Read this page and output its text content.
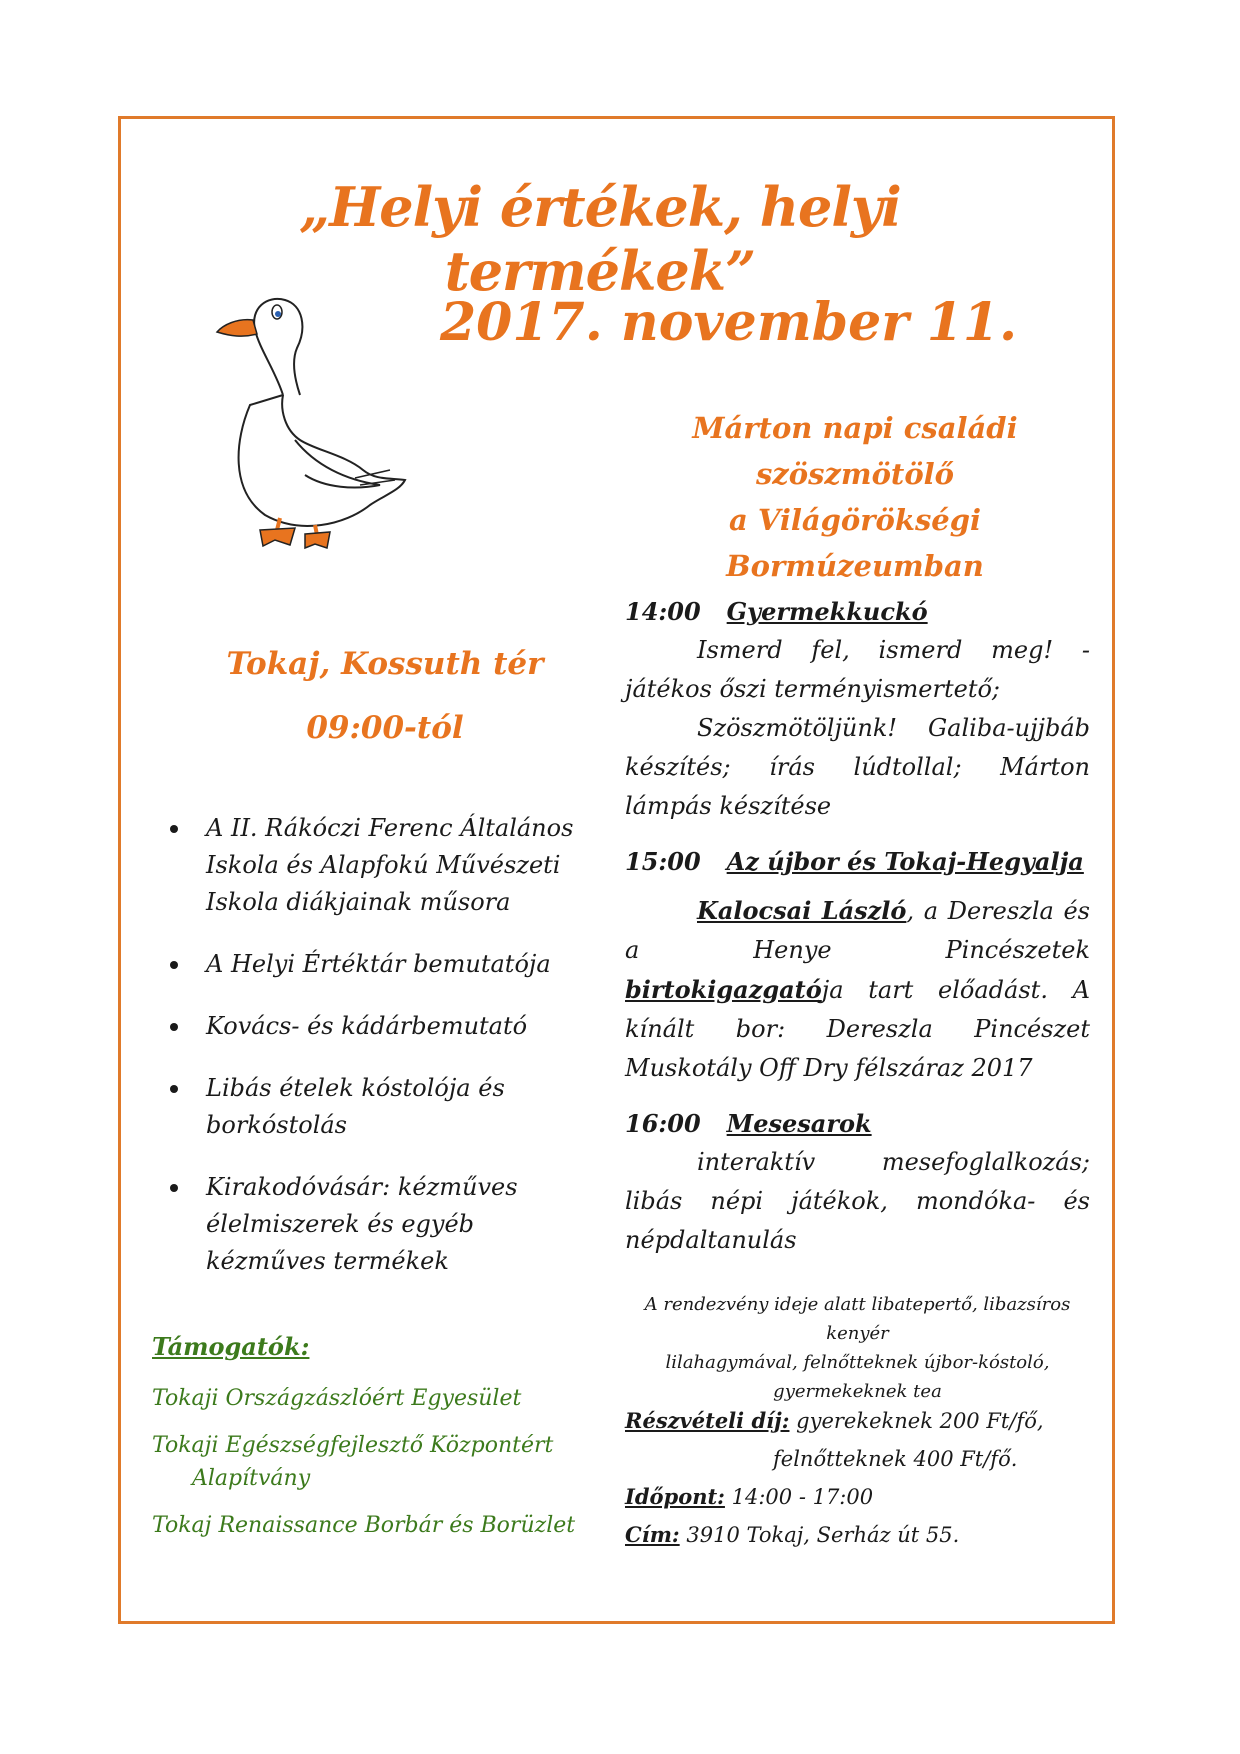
„Helyi értékek, helyi termékek”
2017. november 11.
Márton napi családi
szöszmötölő
a Világörökségi Bormúzeumban
Tokaj, Kossuth tér
09:00-tól
A II. Rákóczi Ferenc Általános Iskola és Alapfokú Művészeti Iskola diákjainak műsora
A Helyi Értéktár bemutatója
Kovács- és kádárbemutató
Libás ételek kóstolója és borkóstolás
Kirakodóvásár: kézműves élelmiszerek és egyéb kézműves termékek
Támogatók:
Tokaji Országzászlóért Egyesület
Tokaji Egészségfejlesztő Központért Alapítvány
Tokaj Renaissance Borbár és Borüzlet
14:00 Gyermekkuckó
Ismerd fel, ismerd meg! - játékos őszi terményismertető;
Szöszmötöljünk! Galiba-ujjbáb készítés; írás lúdtollal; Márton lámpás készítése
15:00 Az újbor és Tokaj-Hegyalja
Kalocsai László, a Dereszla és a Henye Pincészetek birtokigazgatója tart előadást. A kínált bor: Dereszla Pincészet Muskotály Off Dry félszáraz 2017
16:00 Mesesarok
interaktív mesefoglalkozás; libás népi játékok, mondóka- és népdaltanulás
A rendezvény ideje alatt libatepertő, libazsíros kenyér
lilahagymával, felnőtteknek újbor-kóstoló,
gyermekeknek tea
Részvételi díj: gyerekeknek 200 Ft/fő,
felnőtteknek 400 Ft/fő.
Időpont: 14:00 - 17:00
Cím: 3910 Tokaj, Serház út 55.
